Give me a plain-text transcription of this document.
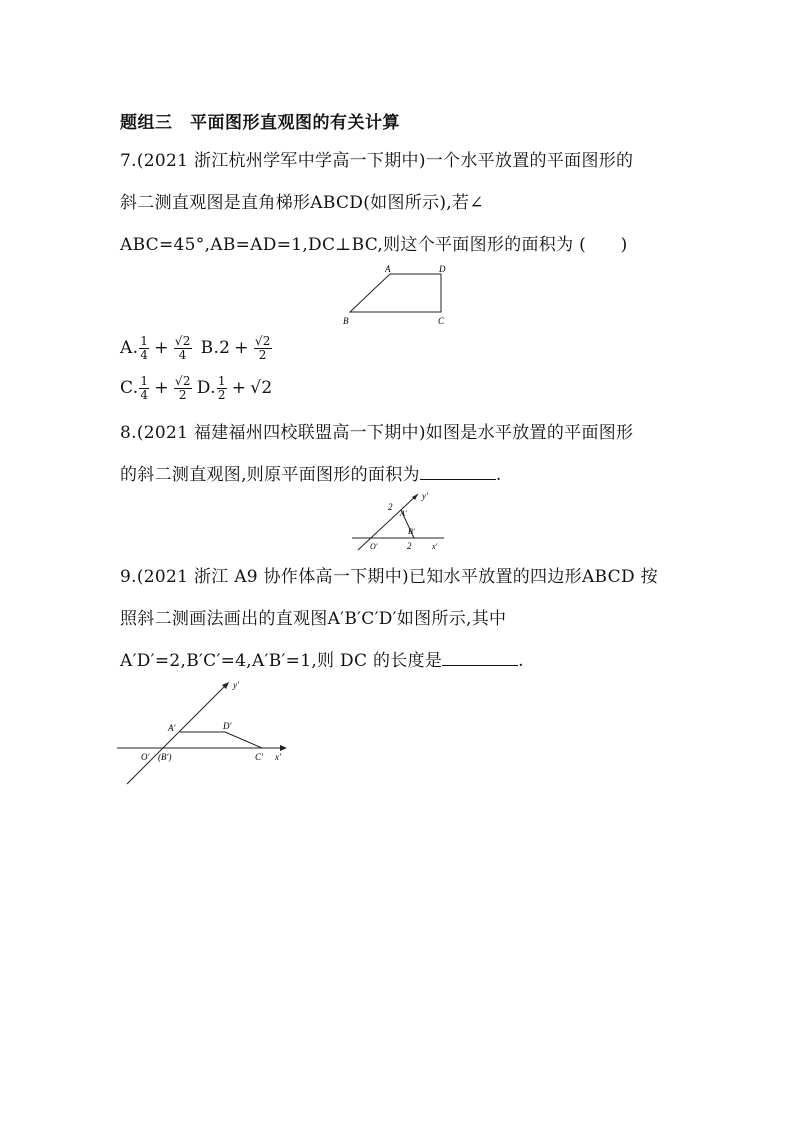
题组三　平面图形直观图的有关计算
7.(2021 浙江杭州学军中学高一下期中)一个水平放置的平面图形的
斜二测直观图是直角梯形ABCD(如图所示),若∠
ABC=45°,AB=AD=1,DC⊥BC,则这个平面图形的面积为 (　　)
A	D
B	C
A. $\frac{1}{4} + \frac{√2}{4} B.2 + \frac{√2}{2}$
C. $\frac{1}{4} + \frac{√2}{2} D$. $\frac{1}{2} + √2$
8.(2021 福建福州四校联盟高一下期中)如图是水平放置的平面图形
的斜二测直观图,则原平面图形的面积为	.
y′
2
A′
B′
O′	2	x′
9.(2021 浙江 A9 协作体高一下期中)已知水平放置的四边形ABCD 按
照斜二测画法画出的直观图A′B′C′D′如图所示,其中
A′D′=2,B′C′=4,A′B′=1,则 DC 的长度是	.
y′
A′	D′
O′ (B′)	C′ x′
